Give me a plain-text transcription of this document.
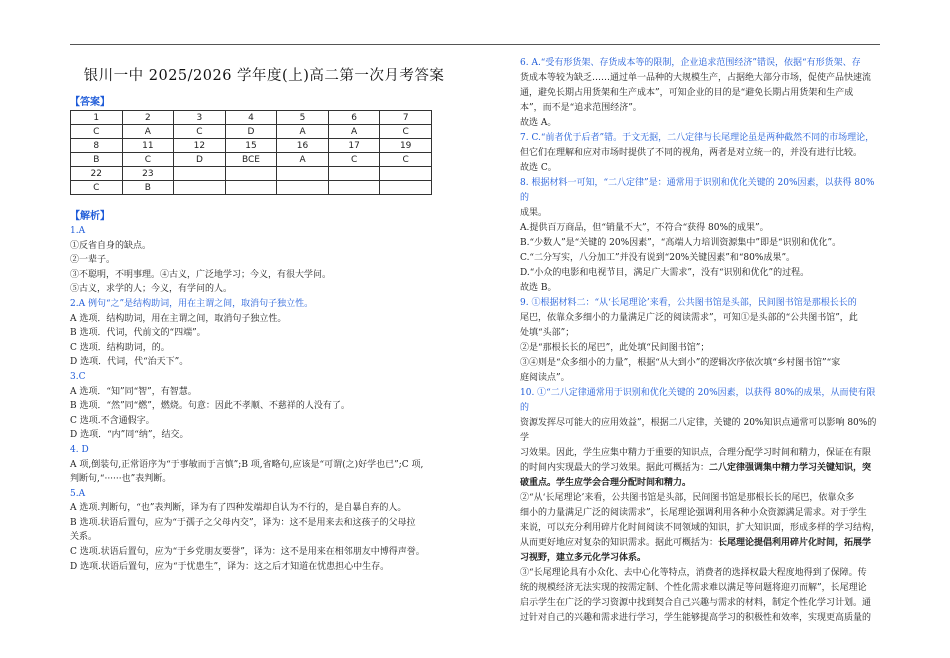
银川一中 2025/2026 学年度(上)高二第一次月考答案
【答案】
1	2	3	4	5	6	7
C	A	C	D	A	A	C
8	11	12	15	16	17	19
B	C	D	BCE	A	C	C
22	23					
C	B					
【解析】
1.A
①反省自身的缺点。
②一辈子。
③不聪明，不明事理。④古义，广泛地学习；今义，有很大学问。
⑤古义，求学的人；今义，有学问的人。
2.A 例句“之”是结构助词，用在主谓之间，取消句子独立性。
A 选项．结构助词，用在主谓之间，取消句子独立性。
B 选项．代词，代前文的“四端”。
C 选项．结构助词，的。
D 选项．代词，代“治天下”。
3.C
A 选项．“知”同“智”，有智慧。
B 选项．“然”同“燃”，燃烧。句意：因此不孝顺、不慈祥的人没有了。
C 选项.不含通假字。
D 选项．“内”同“纳”，结交。
4. D
A 项,倒装句,正常语序为“于事敏而于言慎”;B 项,省略句,应该是“可谓(之)好学也已”;C 项,
判断句,“······也”表判断。
5.A
A 选项.判断句，“也”表判断，译为有了四种发端却自认为不行的，是自暴自弃的人。
B 选项.状语后置句，应为“于孺子之父母内交”，译为：这不是用来去和这孩子的父母拉
关系。
C 选项.状语后置句，应为“于乡党朋友要誉”，译为：这不是用来在相邻朋友中博得声誉。
D 选项.状语后置句，应为“于忧患生”，译为：这之后才知道在忧患担心中生存。
6. A.“受有形货架、存货成本等的限制，企业追求范围经济”错误，依据“有形货架、存
货成本等较为缺乏……通过单一品种的大规模生产，占据绝大部分市场，促使产品快速流
通，避免长期占用货架和生产成本”，可知企业的目的是“避免长期占用货架和生产成
本”，而不是“追求范围经济”。
故选 A。
7. C.“前者优于后者”错。于文无据，二八定律与长尾理论虽是两种截然不同的市场理论，
但它们在理解和应对市场时提供了不同的视角，两者是对立统一的，并没有进行比较。
故选 C。
8. 根据材料一可知，“二八定律”是：通常用于识别和优化关键的 20%因素，以获得 80%的
成果。
A.提供百万商品，但“销量不大”，不符合“获得 80%的成果”。
B.“少数人”是“关键的 20%因素”，“高端人力培训资源集中”即是“识别和优化”。
C.“二分写实，八分加工”并没有说到“20%关键因素”和“80%成果”。
D.“小众的电影和电视节目，满足广大需求”，没有“识别和优化”的过程。
故选 B。
9. ①根据材料二：“从‘长尾理论’来看，公共图书馆是头部，民间图书馆是那根长长的
尾巴，依靠众多细小的力量满足广泛的阅读需求”，可知①是头部的“公共图书馆”，此
处填“头部”；
②是“那根长长的尾巴”，此处填“民间图书馆”；
③④则是“众多细小的力量”，根据“从大到小”的逻辑次序依次填“乡村图书馆”“家
庭阅读点”。
10. ①“二八定律通常用于识别和优化关键的 20%因素，以获得 80%的成果，从而使有限的
资源发挥尽可能大的应用效益”，根据二八定律，关键的 20%知识点通常可以影响 80%的学
习效果。因此，学生应集中精力于重要的知识点，合理分配学习时间和精力，保证在有限
的时间内实现最大的学习效果。据此可概括为：二八定律强调集中精力学习关键知识，突
破重点。学生应学会合理分配时间和精力。
②“从‘长尾理论’来看，公共图书馆是头部，民间图书馆是那根长长的尾巴，依靠众多
细小的力量满足广泛的阅读需求”，长尾理论强调利用各种小众资源满足需求。对于学生
来说，可以充分利用碎片化时间阅读不同领域的知识，扩大知识面，形成多样的学习结构，
从而更好地应对复杂的知识需求。据此可概括为：长尾理论提倡利用碎片化时间，拓展学
习视野，建立多元化学习体系。
③“长尾理论具有小众化、去中心化等特点，消费者的选择权最大程度地得到了保障。传
统的规模经济无法实现的按需定制、个性化需求难以满足等问题将迎刃而解”，长尾理论
启示学生在广泛的学习资源中找到契合自己兴趣与需求的材料，制定个性化学习计划。通
过针对自己的兴趣和需求进行学习，学生能够提高学习的积极性和效率，实现更高质量的
